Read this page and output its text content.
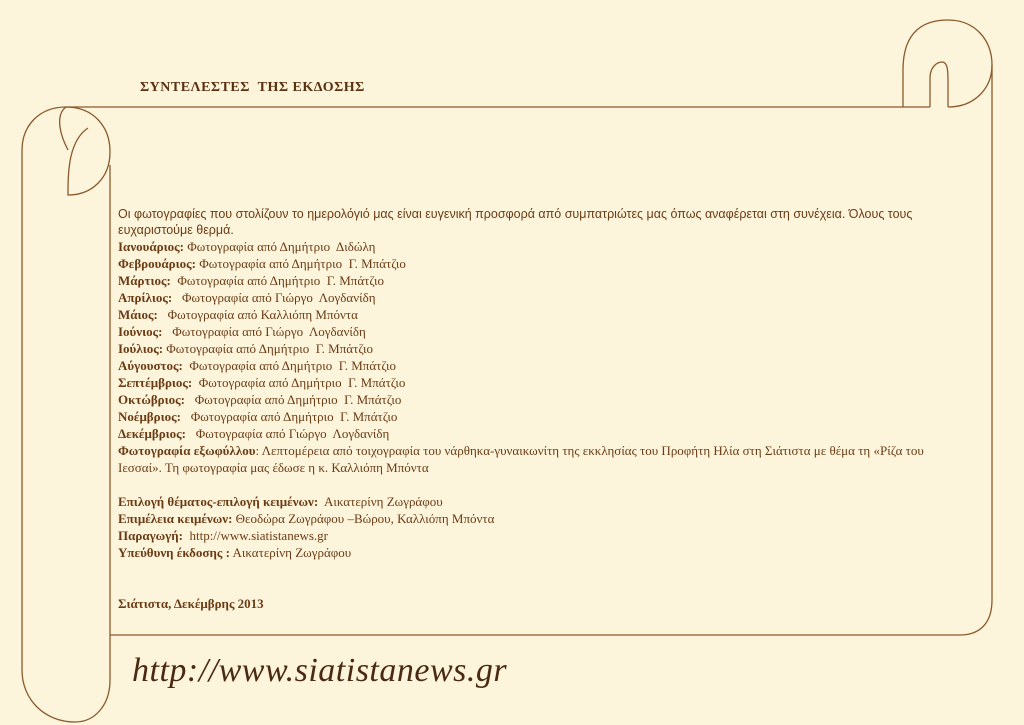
ΣΥΝΤΕΛΕΣΤΕΣ  ΤΗΣ ΕΚΔΟΣΗΣ
Οι φωτογραφίες που στολίζουν το ημερολόγιό μας είναι ευγενική προσφορά από συμπατριώτες μας όπως αναφέρεται στη συνέχεια. Όλους τους ευχαριστούμε θερμά.
Ιανουάριος: Φωτογραφία από Δημήτριο  Διδώλη
Φεβρουάριος: Φωτογραφία από Δημήτριο  Γ. Μπάτζιο
Μάρτιος:  Φωτογραφία από Δημήτριο  Γ. Μπάτζιο
Απρίλιος:   Φωτογραφία από Γιώργο  Λογδανίδη
Μάιος:   Φωτογραφία από Καλλιόπη Μπόντα
Ιούνιος:   Φωτογραφία από Γιώργο  Λογδανίδη
Ιούλιος: Φωτογραφία από Δημήτριο  Γ. Μπάτζιο
Αύγουστος:  Φωτογραφία από Δημήτριο  Γ. Μπάτζιο
Σεπτέμβριος:  Φωτογραφία από Δημήτριο  Γ. Μπάτζιο
Οκτώβριος:   Φωτογραφία από Δημήτριο  Γ. Μπάτζιο
Νοέμβριος:   Φωτογραφία από Δημήτριο  Γ. Μπάτζιο
Δεκέμβριος:   Φωτογραφία από Γιώργο  Λογδανίδη
Φωτογραφία εξωφύλλου: Λεπτομέρεια από τοιχογραφία του νάρθηκα-γυναικωνίτη της εκκλησίας του Προφήτη Ηλία στη Σιάτιστα με θέμα τη «Ρίζα του Ιεσσαί». Τη φωτογραφία μας έδωσε η κ. Καλλιόπη Μπόντα
Επιλογή θέματος-επιλογή κειμένων:  Αικατερίνη Ζωγράφου
Επιμέλεια κειμένων: Θεοδώρα Ζωγράφου –Βώρου, Καλλιόπη Μπόντα
Παραγωγή:  http://www.siatistanews.gr
Υπεύθυνη έκδοσης : Αικατερίνη Ζωγράφου
Σιάτιστα, Δεκέμβρης 2013
http://www.siatistanews.gr
